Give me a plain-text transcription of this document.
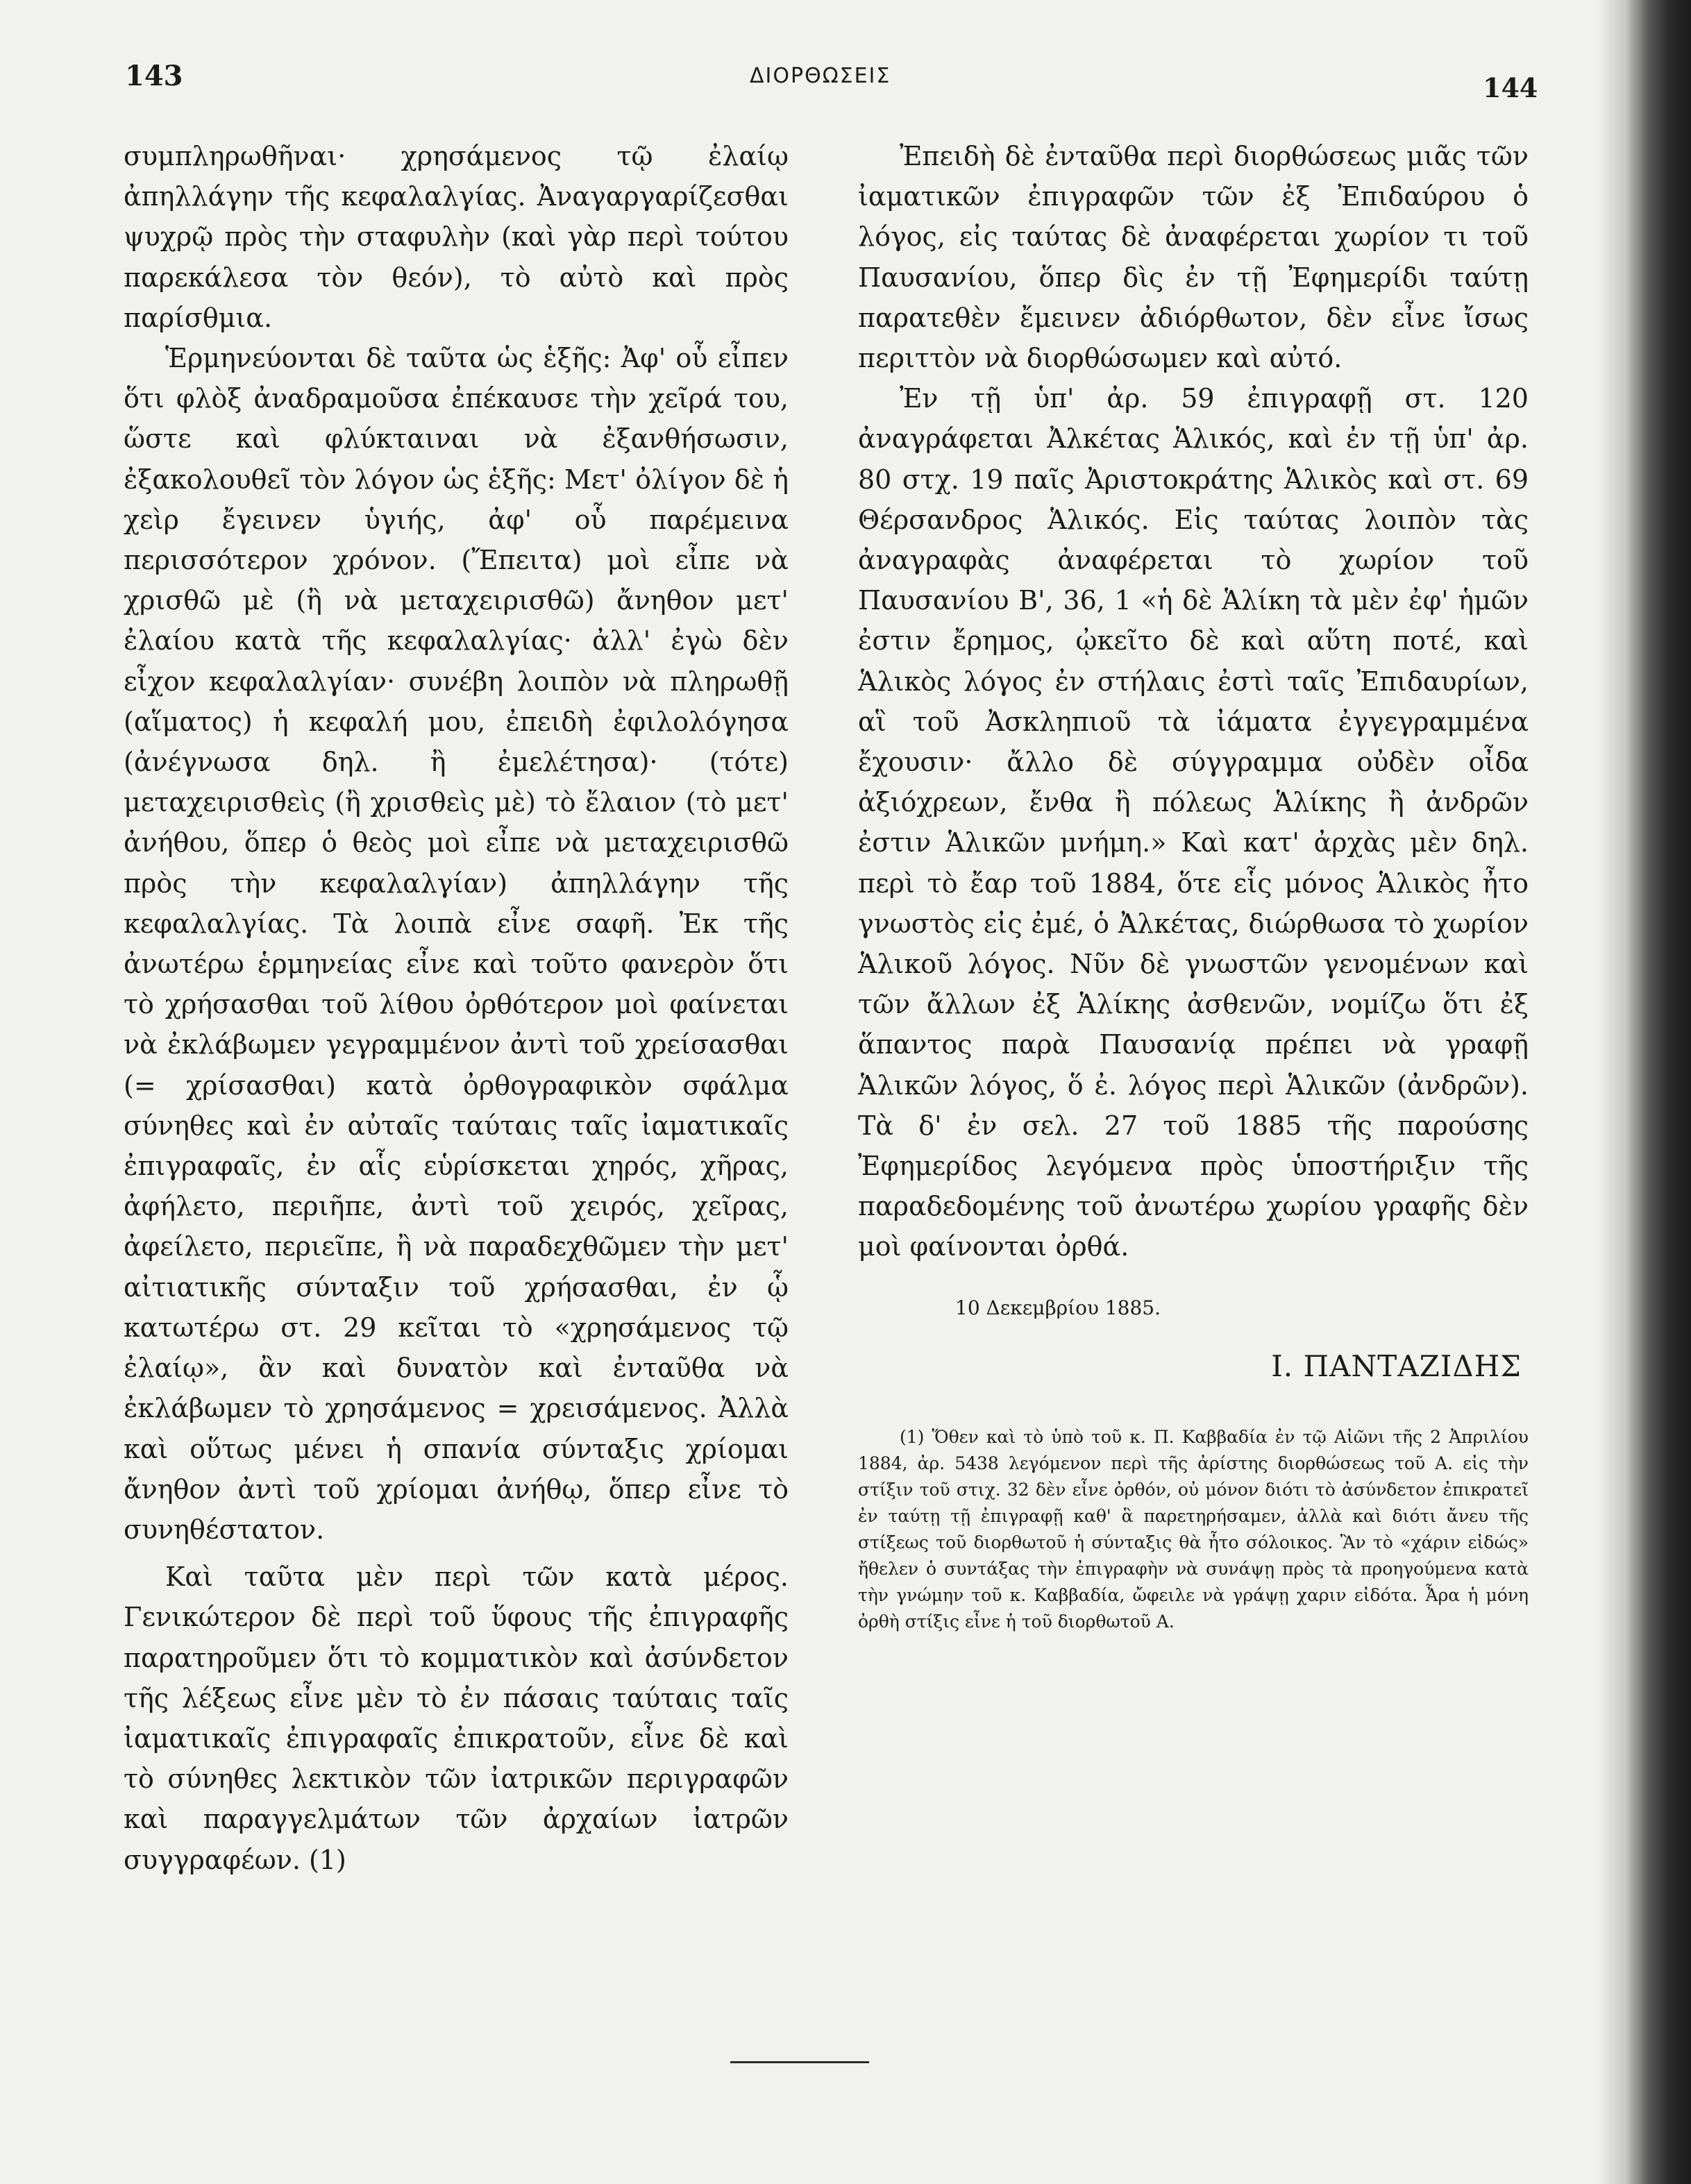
143	ΔΙΟΡΘΩΣΕΙΣ	144

συμπληρωθῆναι· χρησάμενος τῷ ἐλαίῳ ἀπηλλάγην τῆς κεφαλαλγίας. Ἀναγαργαρίζεσθαι ψυχρῷ πρὸς τὴν σταφυλὴν (καὶ γὰρ περὶ τούτου παρεκάλεσα τὸν θεόν), τὸ αὐτὸ καὶ πρὸς παρίσθμια.

Ἑρμηνεύονται δὲ ταῦτα ὡς ἑξῆς: Ἀφ' οὗ εἶπεν ὅτι φλὸξ ἀναδραμοῦσα ἐπέκαυσε τὴν χεῖρά του, ὥστε καὶ φλύκταιναι νὰ ἐξανθήσωσιν, ἐξακολουθεῖ τὸν λόγον ὡς ἑξῆς: Μετ' ὀλίγον δὲ ἡ χεὶρ ἔγεινεν ὑγιής, ἀφ' οὗ παρέμεινα περισσότερον χρόνον. (Ἔπειτα) μοὶ εἶπε νὰ χρισθῶ μὲ (ἢ νὰ μεταχειρισθῶ) ἄνηθον μετ' ἐλαίου κατὰ τῆς κεφαλαλγίας· ἀλλ' ἐγὼ δὲν εἶχον κεφαλαλγίαν· συνέβη λοιπὸν νὰ πληρωθῇ (αἵματος) ἡ κεφαλή μου, ἐπειδὴ ἐφιλολόγησα (ἀνέγνωσα δηλ. ἢ ἐμελέτησα)· (τότε) μεταχειρισθεὶς (ἢ χρισθεὶς μὲ) τὸ ἔλαιον (τὸ μετ' ἀνήθου, ὅπερ ὁ θεὸς μοὶ εἶπε νὰ μεταχειρισθῶ πρὸς τὴν κεφαλαλγίαν) ἀπηλλάγην τῆς κεφαλαλγίας. Τὰ λοιπὰ εἶνε σαφῆ. Ἐκ τῆς ἀνωτέρω ἑρμηνείας εἶνε καὶ τοῦτο φανερὸν ὅτι τὸ χρήσασθαι τοῦ λίθου ὀρθότερον μοὶ φαίνεται νὰ ἐκλάβωμεν γεγραμμένον ἀντὶ τοῦ χρείσασθαι (= χρίσασθαι) κατὰ ὀρθογραφικὸν σφάλμα σύνηθες καὶ ἐν αὐταῖς ταύταις ταῖς ἰαματικαῖς ἐπιγραφαῖς, ἐν αἷς εὑρίσκεται χηρός, χῆρας, ἀφήλετο, περιῆπε, ἀντὶ τοῦ χειρός, χεῖρας, ἀφείλετο, περιεῖπε, ἢ νὰ παραδεχθῶμεν τὴν μετ' αἰτιατικῆς σύνταξιν τοῦ χρήσασθαι, ἐν ᾧ κατωτέρω στ. 29 κεῖται τὸ «χρησάμενος τῷ ἐλαίῳ», ἂν καὶ δυνατὸν καὶ ἐνταῦθα νὰ ἐκλάβωμεν τὸ χρησάμενος = χρεισάμενος. Ἀλλὰ καὶ οὕτως μένει ἡ σπανία σύνταξις χρίομαι ἄνηθον ἀντὶ τοῦ χρίομαι ἀνήθῳ, ὅπερ εἶνε τὸ συνηθέστατον.

Καὶ ταῦτα μὲν περὶ τῶν κατὰ μέρος. Γενικώτερον δὲ περὶ τοῦ ὕφους τῆς ἐπιγραφῆς παρατηροῦμεν ὅτι τὸ κομματικὸν καὶ ἀσύνδετον τῆς λέξεως εἶνε μὲν τὸ ἐν πάσαις ταύταις ταῖς ἰαματικαῖς ἐπιγραφαῖς ἐπικρατοῦν, εἶνε δὲ καὶ τὸ σύνηθες λεκτικὸν τῶν ἰατρικῶν περιγραφῶν καὶ παραγγελμάτων τῶν ἀρχαίων ἰατρῶν συγγραφέων. (1)

Ἐπειδὴ δὲ ἐνταῦθα περὶ διορθώσεως μιᾶς τῶν ἰαματικῶν ἐπιγραφῶν τῶν ἐξ Ἐπιδαύρου ὁ λόγος, εἰς ταύτας δὲ ἀναφέρεται χωρίον τι τοῦ Παυσανίου, ὅπερ δὶς ἐν τῇ Ἐφημερίδι ταύτῃ παρατεθὲν ἔμεινεν ἀδιόρθωτον, δὲν εἶνε ἴσως περιττὸν νὰ διορθώσωμεν καὶ αὐτό.

Ἐν τῇ ὑπ' ἀρ. 59 ἐπιγραφῇ στ. 120 ἀναγράφεται Ἀλκέτας Ἁλικός, καὶ ἐν τῇ ὑπ' ἀρ. 80 στχ. 19 παῖς Ἀριστοκράτης Ἁλικὸς καὶ στ. 69 Θέρσανδρος Ἁλικός. Εἰς ταύτας λοιπὸν τὰς ἀναγραφὰς ἀναφέρεται τὸ χωρίον τοῦ Παυσανίου Β', 36, 1 «ἡ δὲ Ἁλίκη τὰ μὲν ἐφ' ἡμῶν ἐστιν ἔρημος, ᾠκεῖτο δὲ καὶ αὕτη ποτέ, καὶ Ἁλικὸς λόγος ἐν στήλαις ἐστὶ ταῖς Ἐπιδαυρίων, αἳ τοῦ Ἀσκληπιοῦ τὰ ἰάματα ἐγγεγραμμένα ἔχουσιν· ἄλλο δὲ σύγγραμμα οὐδὲν οἶδα ἀξιόχρεων, ἔνθα ἢ πόλεως Ἁλίκης ἢ ἀνδρῶν ἐστιν Ἁλικῶν μνήμη.» Καὶ κατ' ἀρχὰς μὲν δηλ. περὶ τὸ ἔαρ τοῦ 1884, ὅτε εἷς μόνος Ἁλικὸς ἦτο γνωστὸς εἰς ἐμέ, ὁ Ἀλκέτας, διώρθωσα τὸ χωρίον Ἁλικοῦ λόγος. Νῦν δὲ γνωστῶν γενομένων καὶ τῶν ἄλλων ἐξ Ἁλίκης ἀσθενῶν, νομίζω ὅτι ἐξ ἅπαντος παρὰ Παυσανίᾳ πρέπει νὰ γραφῇ Ἁλικῶν λόγος, ὅ ἐ. λόγος περὶ Ἁλικῶν (ἀνδρῶν). Τὰ δ' ἐν σελ. 27 τοῦ 1885 τῆς παρούσης Ἐφημερίδος λεγόμενα πρὸς ὑποστήριξιν τῆς παραδεδομένης τοῦ ἀνωτέρω χωρίου γραφῆς δὲν μοὶ φαίνονται ὀρθά.

10 Δεκεμβρίου 1885.

Ι. ΠΑΝΤΑΖΙΔΗΣ

(1) Ὅθεν καὶ τὸ ὑπὸ τοῦ κ. Π. Καββαδία ἐν τῷ Αἰῶνι τῆς 2 Ἀπριλίου 1884, ἀρ. 5438 λεγόμενον περὶ τῆς ἀρίστης διορθώσεως τοῦ Α. εἰς τὴν στίξιν τοῦ στιχ. 32 δὲν εἶνε ὀρθόν, οὐ μόνον διότι τὸ ἀσύνδετον ἐπικρατεῖ ἐν ταύτῃ τῇ ἐπιγραφῇ καθ' ἃ παρετηρήσαμεν, ἀλλὰ καὶ διότι ἄνευ τῆς στίξεως τοῦ διορθωτοῦ ἡ σύνταξις θὰ ἦτο σόλοικος. Ἂν τὸ «χάριν εἰδώς» ἤθελεν ὁ συντάξας τὴν ἐπιγραφὴν νὰ συνάψῃ πρὸς τὰ προηγούμενα κατὰ τὴν γνώμην τοῦ κ. Καββαδία, ὤφειλε νὰ γράψῃ χαριν εἰδότα. Ἆρα ἡ μόνη ὀρθὴ στίξις εἶνε ἡ τοῦ διορθωτοῦ Α.
